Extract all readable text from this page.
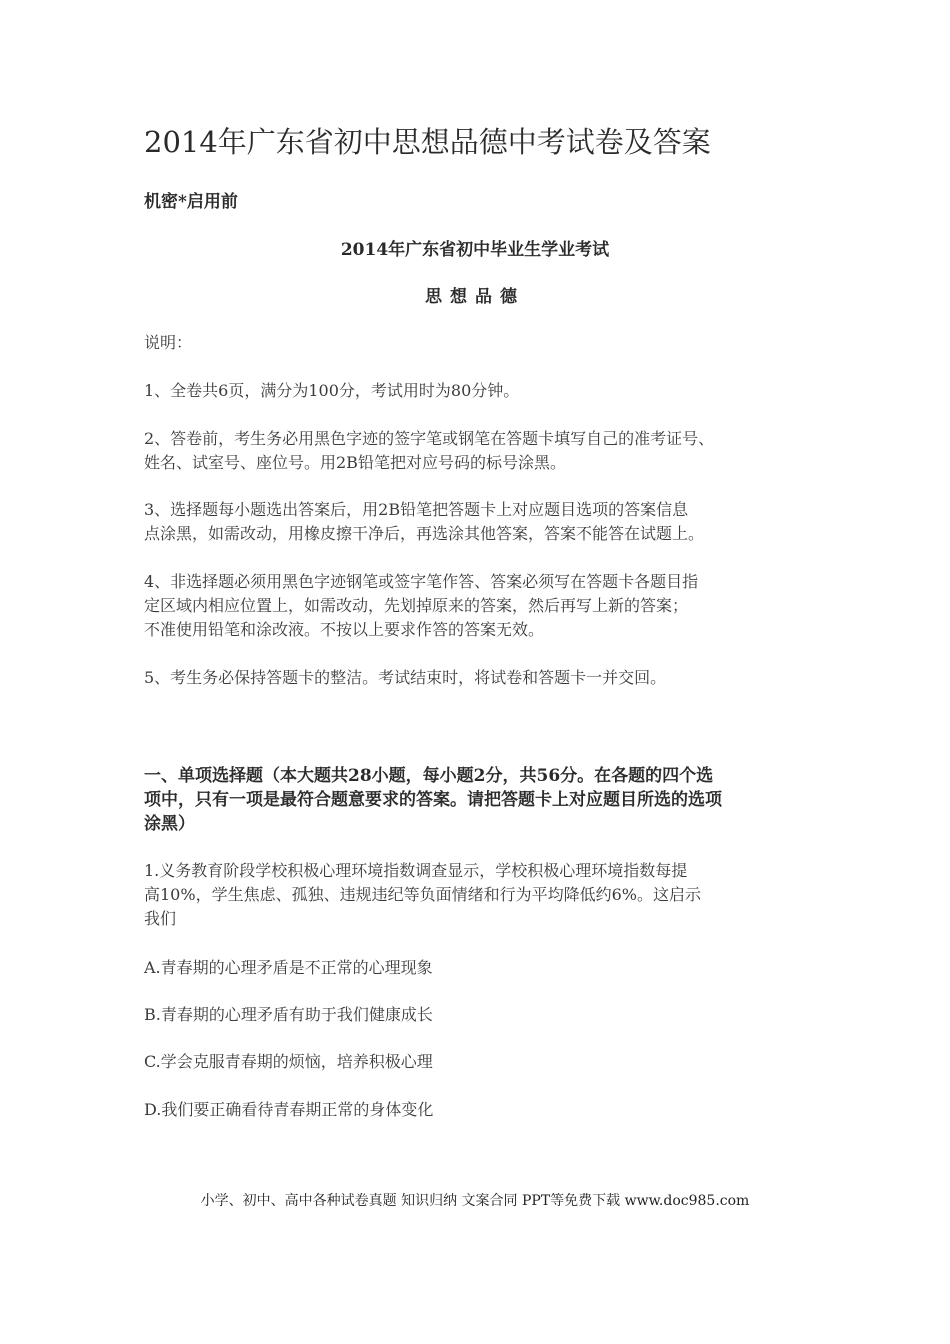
2014年广东省初中思想品德中考试卷及答案
机密*启用前
2014年广东省初中毕业生学业考试
思想品德
说明：
1、全卷共6页，满分为100分，考试用时为80分钟。
2、答卷前，考生务必用黑色字迹的签字笔或钢笔在答题卡填写自己的准考证号、
姓名、试室号、座位号。用2B铅笔把对应号码的标号涂黑。
3、选择题每小题选出答案后，用2B铅笔把答题卡上对应题目选项的答案信息
点涂黑，如需改动，用橡皮擦干净后，再选涂其他答案，答案不能答在试题上。
4、非选择题必须用黑色字迹钢笔或签字笔作答、答案必须写在答题卡各题目指
定区域内相应位置上，如需改动，先划掉原来的答案，然后再写上新的答案；
不准使用铅笔和涂改液。不按以上要求作答的答案无效。
5、考生务必保持答题卡的整洁。考试结束时，将试卷和答题卡一并交回。
一、单项选择题（本大题共28小题，每小题2分，共56分。在各题的四个选
项中，只有一项是最符合题意要求的答案。请把答题卡上对应题目所选的选项
涂黑）
1.义务教育阶段学校积极心理环境指数调查显示，学校积极心理环境指数每提
高10%，学生焦虑、孤独、违规违纪等负面情绪和行为平均降低约6%。这启示
我们
A.青春期的心理矛盾是不正常的心理现象
B.青春期的心理矛盾有助于我们健康成长
C.学会克服青春期的烦恼，培养积极心理
D.我们要正确看待青春期正常的身体变化
小学、初中、高中各种试卷真题 知识归纳 文案合同 PPT等免费下载 www.doc985.com
